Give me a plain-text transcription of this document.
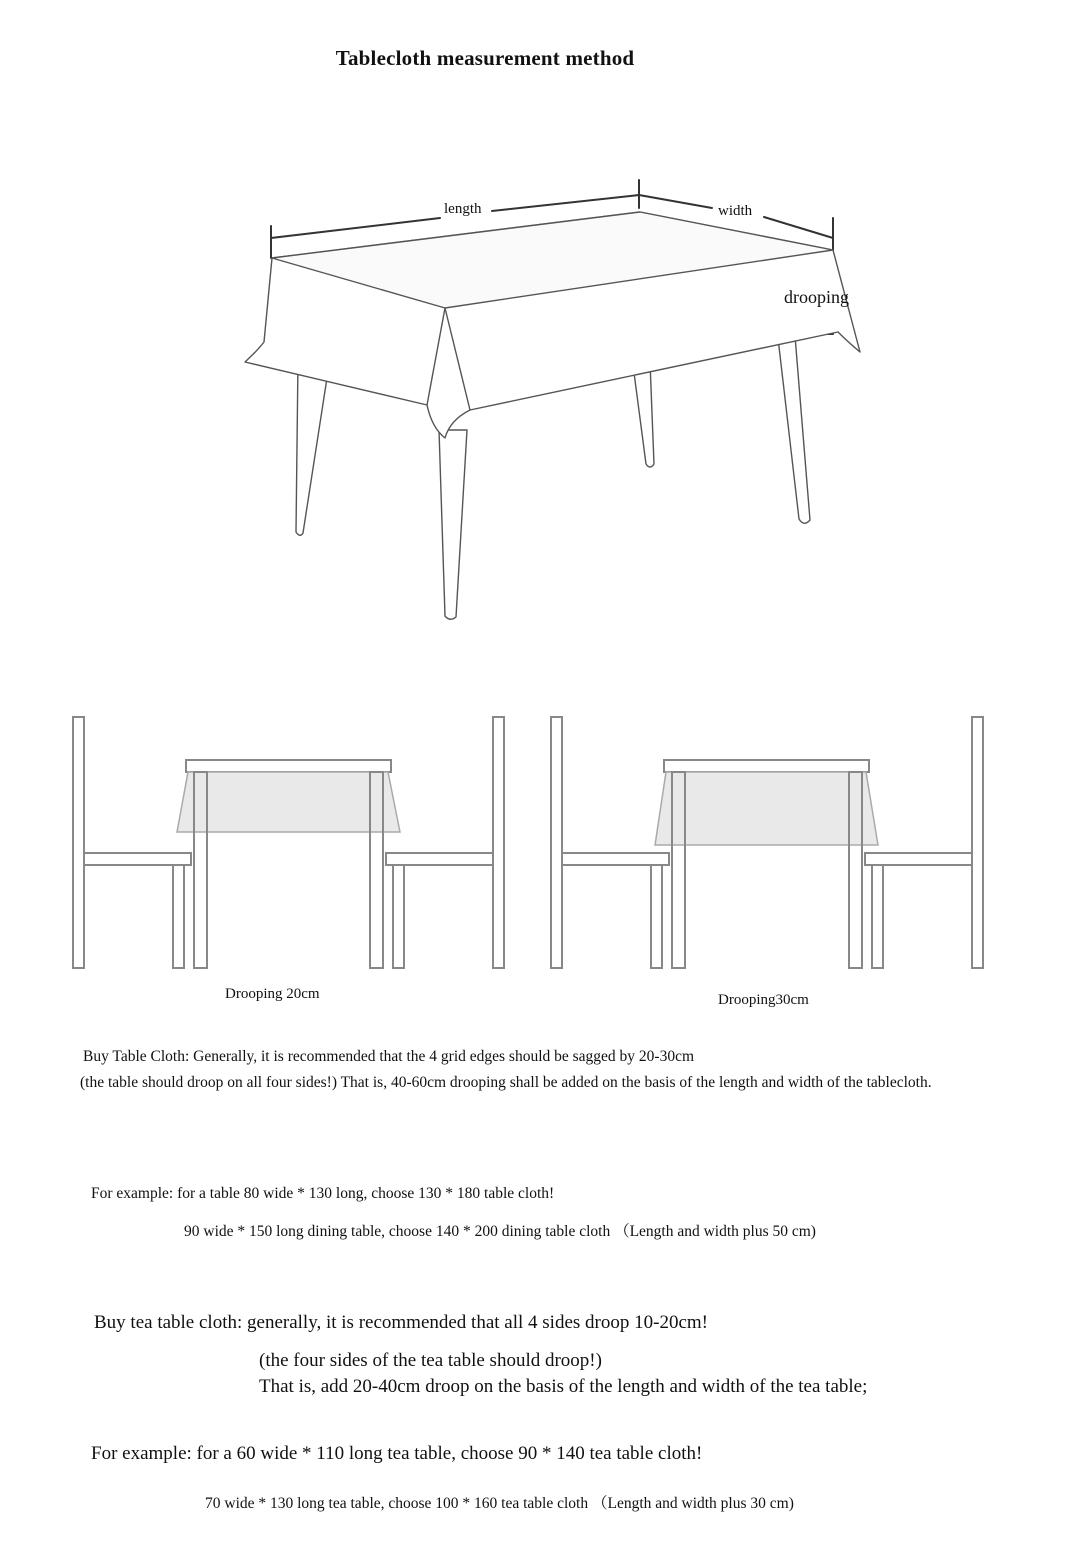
Tablecloth measurement method
length	width
drooping
Drooping 20cm	Drooping30cm
Buy Table Cloth: Generally, it is recommended that the 4 grid edges should be sagged by 20-30cm
(the table should droop on all four sides!) That is, 40-60cm drooping shall be added on the basis of the length and width of the tablecloth.
For example: for a table 80 wide * 130 long, choose 130 * 180 table cloth!
90 wide * 150 long dining table, choose 140 * 200 dining table cloth （Length and width plus 50 cm)
Buy tea table cloth: generally, it is recommended that all 4 sides droop 10-20cm!
(the four sides of the tea table should droop!)
That is, add 20-40cm droop on the basis of the length and width of the tea table;
For example: for a 60 wide * 110 long tea table, choose 90 * 140 tea table cloth!
70 wide * 130 long tea table, choose 100 * 160 tea table cloth （Length and width plus 30 cm)
